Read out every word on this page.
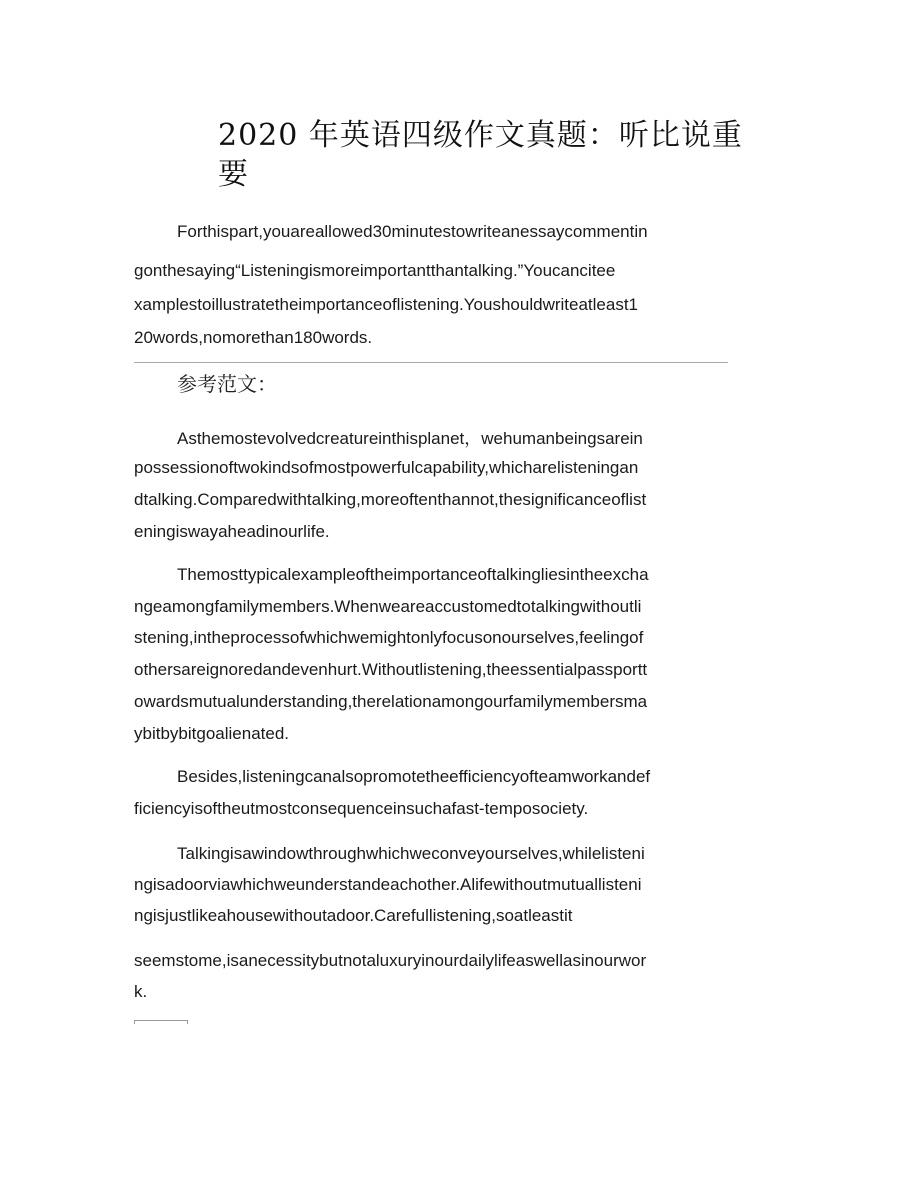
2020 年英语四级作文真题：听比说重
要
Forthispart,youareallowed30minutestowriteanessaycommentin
gonthesaying“Listeningismoreimportantthantalking.”Youcancitee
xamplestoillustratetheimportanceoflistening.Youshouldwriteatleast1
20words,nomorethan180words.
参考范文：
Asthemostevolvedcreatureinthisplanet，wehumanbeingsarein
possessionoftwokindsofmostpowerfulcapability,whicharelisteningan
dtalking.Comparedwithtalking,moreoftenthannot,thesignificanceoflist
eningiswayaheadinourlife.
Themosttypicalexampleoftheimportanceoftalkingliesintheexcha
ngeamongfamilymembers.Whenweareaccustomedtotalkingwithoutli
stening,intheprocessofwhichwemightonlyfocusonourselves,feelingof
othersareignoredandevenhurt.Withoutlistening,theessentialpassportt
owardsmutualunderstanding,therelationamongourfamilymembersma
ybitbybitgoalienated.
Besides,listeningcanalsopromotetheefficiencyofteamworkandef
ficiencyisoftheutmostconsequenceinsuchafast-temposociety.
Talkingisawindowthroughwhichweconveyourselves,whilelisteni
ngisadoorviawhichweunderstandeachother.Alifewithoutmutuallisteni
ngisjustlikeahousewithoutadoor.Carefullistening,soatleastit
seemstome,isanecessitybutnotaluxuryinourdailylifeaswellasinourwor
k.
